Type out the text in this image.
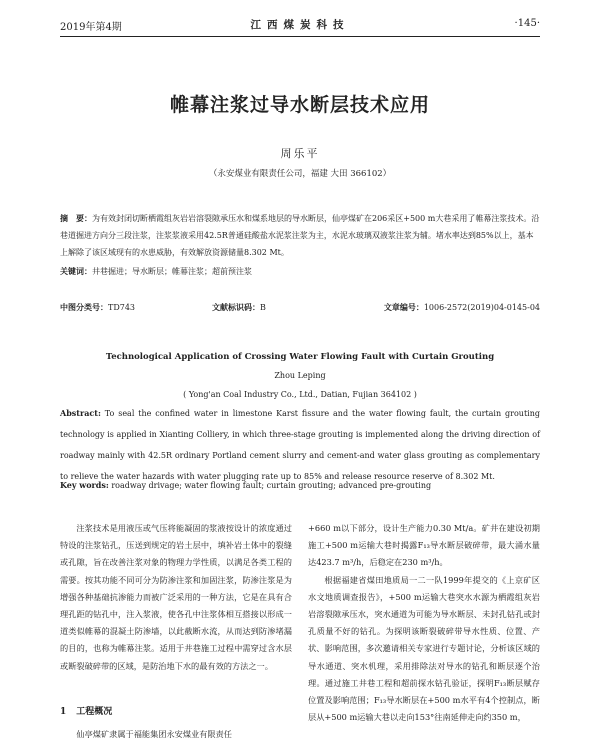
2019年第4期	江西煤炭科技	·145·
帷幕注浆过导水断层技术应用
周乐平
（永安煤业有限责任公司，福建 大田 366102）
摘　要：为有效封闭切断栖霞组灰岩岩溶裂隙承压水和煤系地层的导水断层，仙亭煤矿在206采区+500 m大巷采用了帷幕注浆技术。沿巷道掘进方向分三段注浆，注浆浆液采用42.5R普通硅酸盐水泥浆注浆为主，水泥水玻璃双液浆注浆为辅。堵水率达到85%以上，基本上解除了该区域现有的水患威胁，有效解放资源储量8.302 Mt。
关键词：井巷掘进；导水断层；帷幕注浆；超前预注浆
中图分类号：TD743	文献标识码：B	文章编号：1006-2572(2019)04-0145-04
Technological Application of Crossing Water Flowing Fault with Curtain Grouting
Zhou Leping
( Yong'an Coal Industry Co., Ltd., Datian, Fujian 364102 )
Abstract: To seal the confined water in limestone Karst fissure and the water flowing fault, the curtain grouting technology is applied in Xianting Colliery, in which three-stage grouting is implemented along the driving direction of roadway mainly with 42.5R ordinary Portland cement slurry and cement-and water glass grouting as complementary to relieve the water hazards with water plugging rate up to 85% and release resource reserve of 8.302 Mt.
Key words: roadway drivage; water flowing fault; curtain grouting; advanced pre-grouting

注浆技术是用液压或气压将能凝固的浆液按设计的浓度通过特设的注浆钻孔，压送到规定的岩土层中，填补岩土体中的裂缝或孔隙，旨在改善注浆对象的物理力学性质，以满足各类工程的需要。按其功能不同可分为防渗注浆和加固注浆，防渗注浆是为增强各种基础抗渗能力而被广泛采用的一种方法，它是在具有合理孔距的钻孔中，注入浆液，使各孔中注浆体相互搭接以形成一道类似帷幕的混凝土防渗墙，以此截断水流，从而达到防渗堵漏的目的，也称为帷幕注浆。适用于井巷施工过程中需穿过含水层或断裂破碎带的区域，是防治地下水的最有效的方法之一。

1 工程概况
仙亭煤矿隶属于福能集团永安煤业有限责任

+660 m以下部分，设计生产能力0.30 Mt/a。矿井在建设初期施工+500 m运输大巷时揭露F₁₃导水断层破碎带，最大涌水量达423.7 m³/h，后稳定在230 m³/h。

根据福建省煤田地质局一二一队1999年提交的《上京矿区水文地质调查报告》，+500 m运输大巷突水水源为栖霞组灰岩岩溶裂隙承压水，突水通道为可能为导水断层、未封孔钻孔或封孔质量不好的钻孔。为探明该断裂破碎带导水性质、位置、产状、影响范围，多次邀请相关专家进行专题讨论，分析该区域的导水通道、突水机理，采用排除法对导水的钻孔和断层逐个治理。通过施工井巷工程和超前探水钻孔验证，探明F₁₃断层赋存位置及影响范围；F₁₃导水断层在+500 m水平有4个控制点，断层从+500 m运输大巷以走向153°往南延伸走向约350 m，
